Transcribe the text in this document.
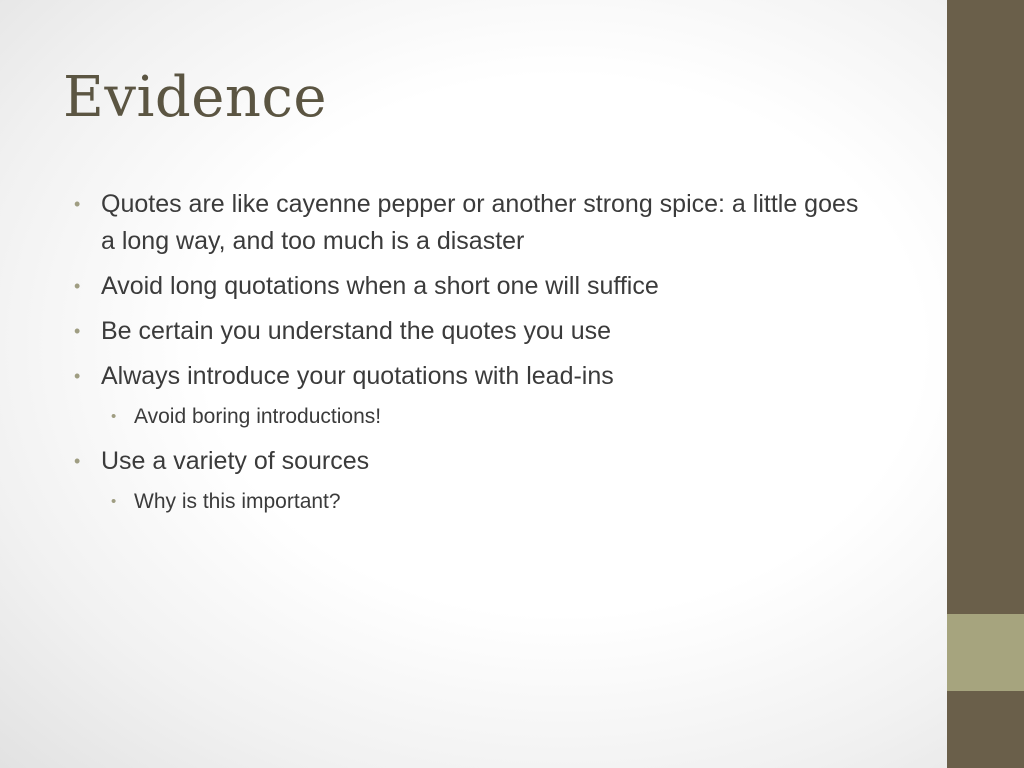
Evidence
• Quotes are like cayenne pepper or another strong spice: a little goes a long way, and too much is a disaster
• Avoid long quotations when a short one will suffice
• Be certain you understand the quotes you use
• Always introduce your quotations with lead-ins
• Avoid boring introductions!
• Use a variety of sources
• Why is this important?
